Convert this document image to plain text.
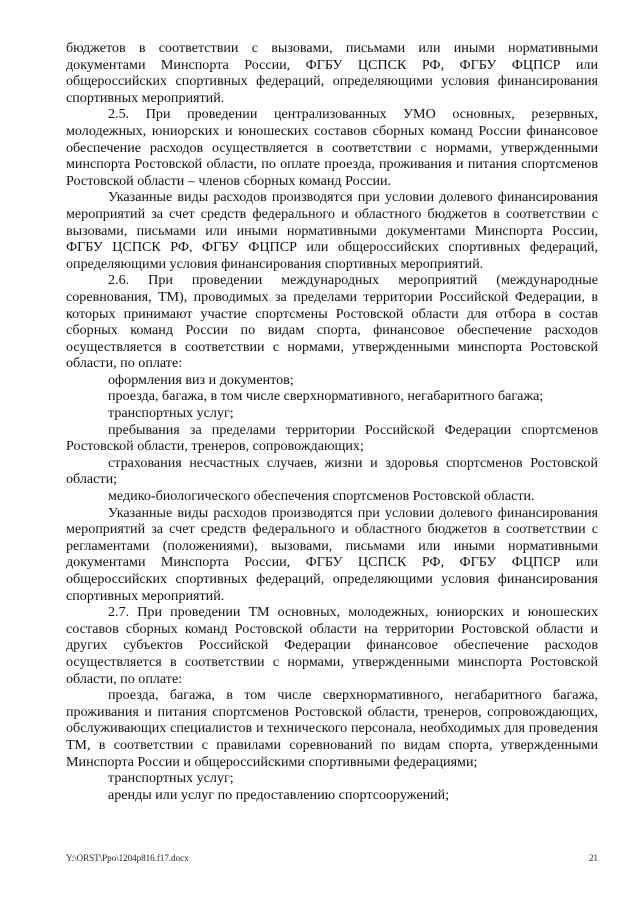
бюджетов в соответствии с вызовами, письмами или иными нормативными документами Минспорта России, ФГБУ ЦСПСК РФ, ФГБУ ФЦПСР или общероссийских спортивных федераций, определяющими условия финансирования спортивных мероприятий.

2.5. При проведении централизованных УМО основных, резервных, молодежных, юниорских и юношеских составов сборных команд России финансовое обеспечение расходов осуществляется в соответствии с нормами, утвержденными минспорта Ростовской области, по оплате проезда, проживания и питания спортсменов Ростовской области – членов сборных команд России.

Указанные виды расходов производятся при условии долевого финансирования мероприятий за счет средств федерального и областного бюджетов в соответствии с вызовами, письмами или иными нормативными документами Минспорта России, ФГБУ ЦСПСК РФ, ФГБУ ФЦПСР или общероссийских спортивных федераций, определяющими условия финансирования спортивных мероприятий.

2.6. При проведении международных мероприятий (международные соревнования, ТМ), проводимых за пределами территории Российской Федерации, в которых принимают участие спортсмены Ростовской области для отбора в состав сборных команд России по видам спорта, финансовое обеспечение расходов осуществляется в соответствии с нормами, утвержденными минспорта Ростовской области, по оплате:

оформления виз и документов;

проезда, багажа, в том числе сверхнормативного, негабаритного багажа;

транспортных услуг;

пребывания за пределами территории Российской Федерации спортсменов Ростовской области, тренеров, сопровождающих;

страхования несчастных случаев, жизни и здоровья спортсменов Ростовской области;

медико-биологического обеспечения спортсменов Ростовской области.

Указанные виды расходов производятся при условии долевого финансирования мероприятий за счет средств федерального и областного бюджетов в соответствии с регламентами (положениями), вызовами, письмами или иными нормативными документами Минспорта России, ФГБУ ЦСПСК РФ, ФГБУ ФЦПСР или общероссийских спортивных федераций, определяющими условия финансирования спортивных мероприятий.

2.7. При проведении ТМ основных, молодежных, юниорских и юношеских составов сборных команд Ростовской области на территории Ростовской области и других субъектов Российской Федерации финансовое обеспечение расходов осуществляется в соответствии с нормами, утвержденными минспорта Ростовской области, по оплате:

проезда, багажа, в том числе сверхнормативного, негабаритного багажа, проживания и питания спортсменов Ростовской области, тренеров, сопровождающих, обслуживающих специалистов и технического персонала, необходимых для проведения ТМ, в соответствии с правилами соревнований по видам спорта, утвержденными Минспорта России и общероссийскими спортивными федерациями;

транспортных услуг;

аренды или услуг по предоставлению спортсооружений;

Y:\ORST\Ppo\1204p816.f17.docx	21
